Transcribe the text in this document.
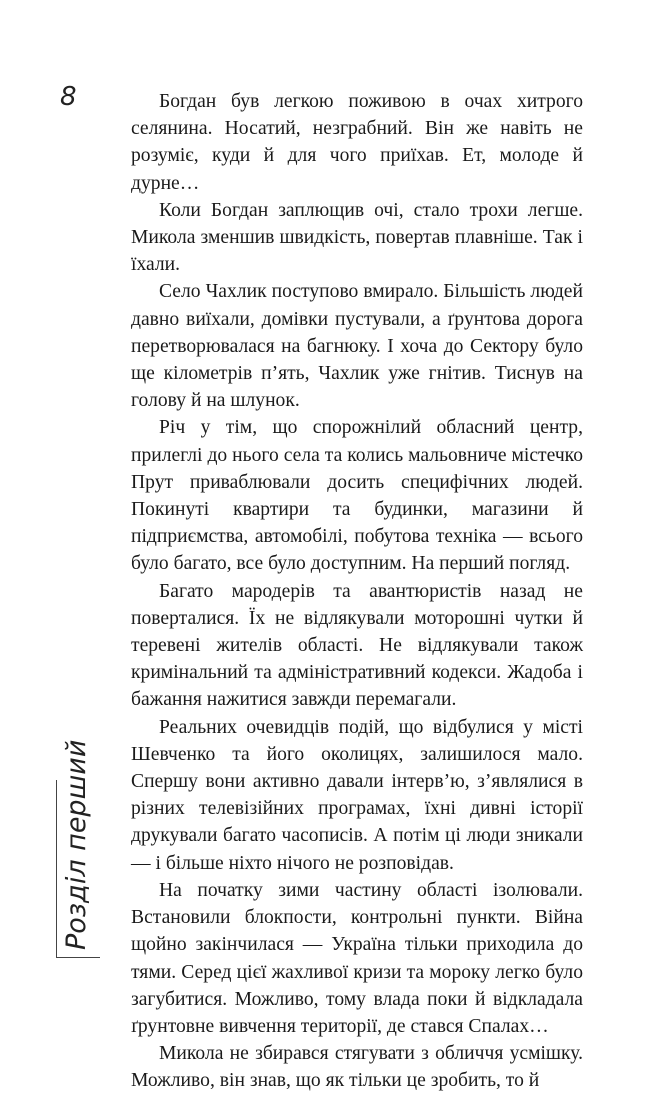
8
Розділ перший

Богдан був легкою поживою в очах хитрого селянина. Носатий, незграбний. Він же навіть не розуміє, куди й для чого приїхав. Ет, молоде й дурне…

Коли Богдан заплющив очі, стало трохи легше. Микола зменшив швидкість, повертав плавніше. Так і їхали.

Село Чахлик поступово вмирало. Більшість людей давно виїхали, домівки пустували, а ґрунтова дорога перетворювалася на багнюку. І хоча до Сектору було ще кілометрів п’ять, Чахлик уже гнітив. Тиснув на голову й на шлунок.

Річ у тім, що спорожнілий обласний центр, прилеглі до нього села та колись мальовниче містечко Прут приваблювали досить специфічних людей. Покинуті квартири та будинки, магазини й підприємства, автомобілі, побутова техніка — всього було багато, все було доступним. На перший погляд.

Багато мародерів та авантюристів назад не поверталися. Їх не відлякували моторошні чутки й теревені жителів області. Не відлякували також кримінальний та адміністративний кодекси. Жадоба і бажання нажитися завжди перемагали.

Реальних очевидців подій, що відбулися у місті Шевченко та його околицях, залишилося мало. Спершу вони активно давали інтерв’ю, з’являлися в різних телевізійних програмах, їхні дивні історії друкували багато часописів. А потім ці люди зникали — і більше ніхто нічого не розповідав.

На початку зими частину області ізолювали. Встановили блокпости, контрольні пункти. Війна щойно закінчилася — Україна тільки приходила до тями. Серед цієї жахливої кризи та мороку легко було загубитися. Можливо, тому влада поки й відкладала ґрунтовне вивчення території, де стався Спалах…

Микола не збирався стягувати з обличчя усмішку. Можливо, він знав, що як тільки це зробить, то й
